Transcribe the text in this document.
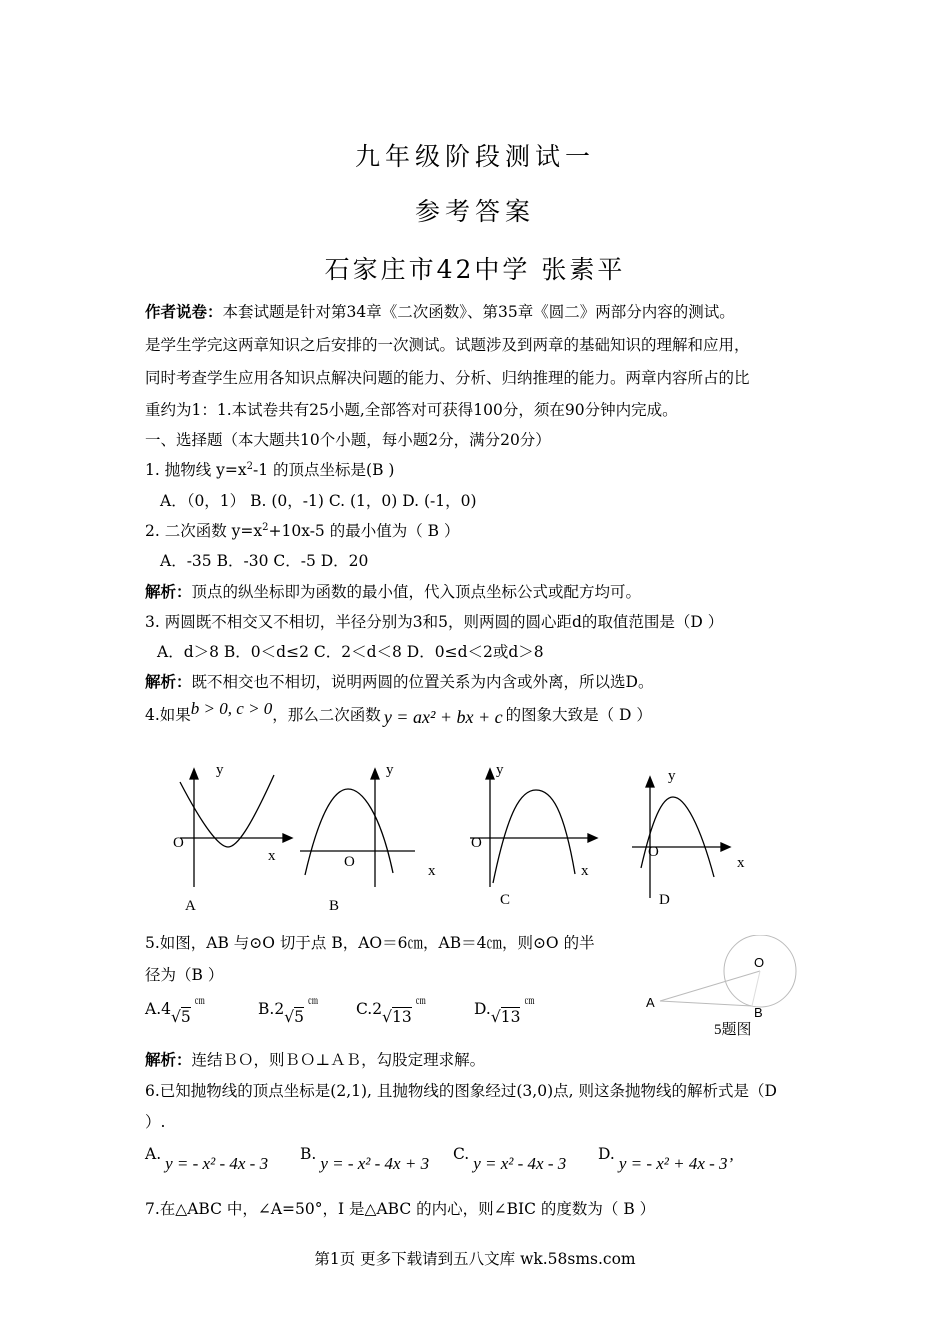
九年级阶段测试一
参考答案
石家庄市42中学 张素平
作者说卷：本套试题是针对第34章《二次函数》、第35章《圆二》两部分内容的测试。
是学生学完这两章知识之后安排的一次测试。试题涉及到两章的基础知识的理解和应用，
同时考查学生应用各知识点解决问题的能力、分析、归纳推理的能力。两章内容所占的比
重约为1：1.本试卷共有25小题,全部答对可获得100分，须在90分钟内完成。
一、选择题（本大题共10个小题，每小题2分，满分20分）
1. 抛物线 $y=x^2-1$ 的顶点坐标是(B )
A．（0，1） B. (0，-1) C. (1，0) D. (-1，0)
2. 二次函数 $y=x^2+10x-5$ 的最小值为（ B ）
A．-35 B．-30 C．-5 D．20
解析：顶点的纵坐标即为函数的最小值，代入顶点坐标公式或配方均可。
3. 两圆既不相交又不相切，半径分别为3和5，则两圆的圆心距d的取值范围是（D ）
A．d＞8 B．0＜d≤2 C．2＜d＜8 D．0≤d＜2或d＞8
解析：既不相交也不相切，说明两圆的位置关系为内含或外离，所以选D。
4.如果b > 0, c > 0，那么二次函数 y = ax² + bx + c 的图象大致是（ D ）
y
O
x
A
y
O
x
B
y
O
x
C
y
O
x
D
5.如图，AB 与⊙O 切于点 B，AO＝6㎝，AB＝4㎝，则⊙O 的半
径为（B ）
A.4√5㎝	B.2√5㎝ C.2√13㎝	D.√13㎝
O
A
B
5题图
解析：连结ＢＯ，则ＢＯ⊥ＡＢ，勾股定理求解。
6.已知抛物线的顶点坐标是(2,1), 且抛物线的图象经过(3,0)点, 则这条抛物线的解析式是（D
）.
A. y = - x² - 4x - 3 B. y = - x² - 4x + 3 C. y = x² - 4x - 3 D. y = - x² + 4x - 3’
7.在△ABC 中，∠A=50°，I 是△ABC 的内心，则∠BIC 的度数为（ B ）
第1页 更多下载请到五八文库 wk.58sms.com
